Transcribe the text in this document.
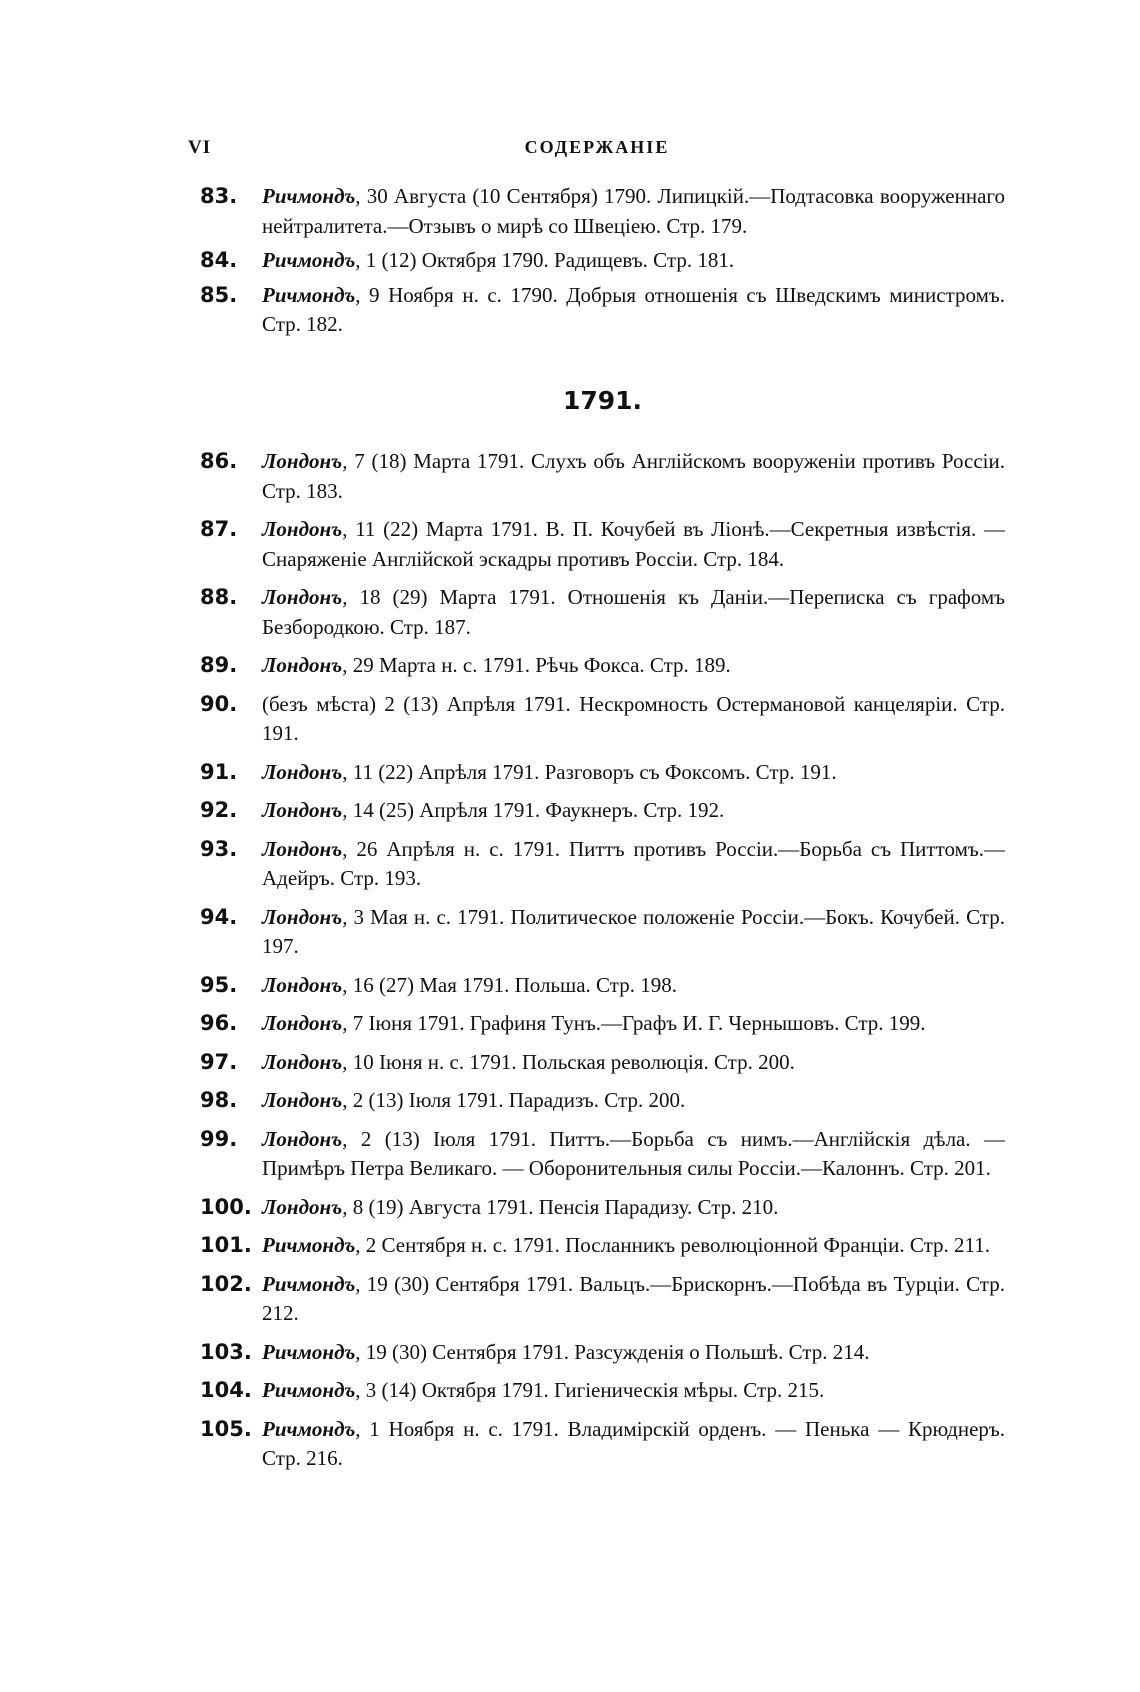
VI	СОДЕРЖАНІЕ
83. Ричмондъ, 30 Августа (10 Сентября) 1790. Липицкій.—Подтасовка вооруженнаго нейтралитета.—Отзывъ о мирѣ со Швеціею. Стр. 179.
84. Ричмондъ, 1 (12) Октября 1790. Радищевъ. Стр. 181.
85. Ричмондъ, 9 Ноября н. с. 1790. Добрыя отношенія съ Шведскимъ министромъ. Стр. 182.
1791.
86. Лондонъ, 7 (18) Марта 1791. Слухъ объ Англійскомъ вооруженіи противъ Россіи. Стр. 183.
87. Лондонъ, 11 (22) Марта 1791. В. П. Кочубей въ Ліонѣ.—Секретныя извѣстія. — Снаряженіе Англійской эскадры противъ Россіи. Стр. 184.
88. Лондонъ, 18 (29) Марта 1791. Отношенія къ Даніи.—Переписка съ графомъ Безбородкою. Стр. 187.
89. Лондонъ, 29 Марта н. с. 1791. Рѣчь Фокса. Стр. 189.
90. (безъ мѣста) 2 (13) Апрѣля 1791. Нескромность Остермановой канцеляріи. Стр. 191.
91. Лондонъ, 11 (22) Апрѣля 1791. Разговоръ съ Фоксомъ. Стр. 191.
92. Лондонъ, 14 (25) Апрѣля 1791. Фаукнеръ. Стр. 192.
93. Лондонъ, 26 Апрѣля н. с. 1791. Питтъ противъ Россіи.—Борьба съ Питтомъ.—Адейръ. Стр. 193.
94. Лондонъ, 3 Мая н. с. 1791. Политическое положеніе Россіи.—Бокъ. Кочубей. Стр. 197.
95. Лондонъ, 16 (27) Мая 1791. Польша. Стр. 198.
96. Лондонъ, 7 Іюня 1791. Графиня Тунъ.—Графъ И. Г. Чернышовъ. Стр. 199.
97. Лондонъ, 10 Іюня н. с. 1791. Польская революція. Стр. 200.
98. Лондонъ, 2 (13) Іюля 1791. Парадизъ. Стр. 200.
99. Лондонъ, 2 (13) Іюля 1791. Питтъ.—Борьба съ нимъ.—Англійскія дѣла. — Примѣръ Петра Великаго. — Оборонительныя силы Россіи.—Калоннъ. Стр. 201.
100. Лондонъ, 8 (19) Августа 1791. Пенсія Парадизу. Стр. 210.
101. Ричмондъ, 2 Сентября н. с. 1791. Посланникъ революціонной Франціи. Стр. 211.
102. Ричмондъ, 19 (30) Сентября 1791. Вальцъ.—Брискорнъ.—Побѣда въ Турціи. Стр. 212.
103. Ричмондъ, 19 (30) Сентября 1791. Разсужденія о Польшѣ. Стр. 214.
104. Ричмондъ, 3 (14) Октября 1791. Гигіеническія мѣры. Стр. 215.
105. Ричмондъ, 1 Ноября н. с. 1791. Владимірскій орденъ. — Пенька — Крюднеръ. Стр. 216.
